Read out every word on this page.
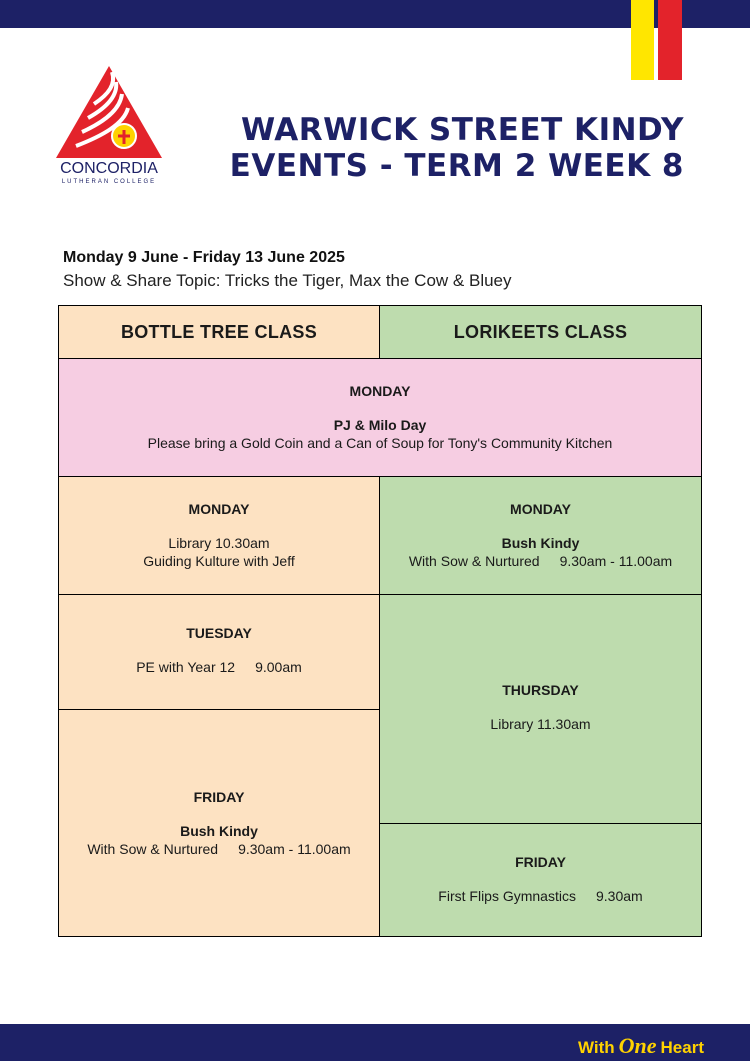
CONCORDIA
LUTHERAN COLLEGE
WARWICK STREET KINDY
EVENTS - TERM 2 WEEK 8
Monday 9 June - Friday 13 June 2025
Show & Share Topic: Tricks the Tiger, Max the Cow & Bluey
BOTTLE TREE CLASS	LORIKEETS CLASS
MONDAY
PJ & Milo Day
Please bring a Gold Coin and a Can of Soup for Tony's Community Kitchen
MONDAY
Library 10.30am
Guiding Kulture with Jeff
MONDAY
Bush Kindy
With Sow & Nurtured 9.30am - 11.00am
TUESDAY
PE with Year 12 9.00am
THURSDAY
Library 11.30am
FRIDAY
Bush Kindy
With Sow & Nurtured 9.30am - 11.00am
FRIDAY
First Flips Gymnastics 9.30am
With One Heart
